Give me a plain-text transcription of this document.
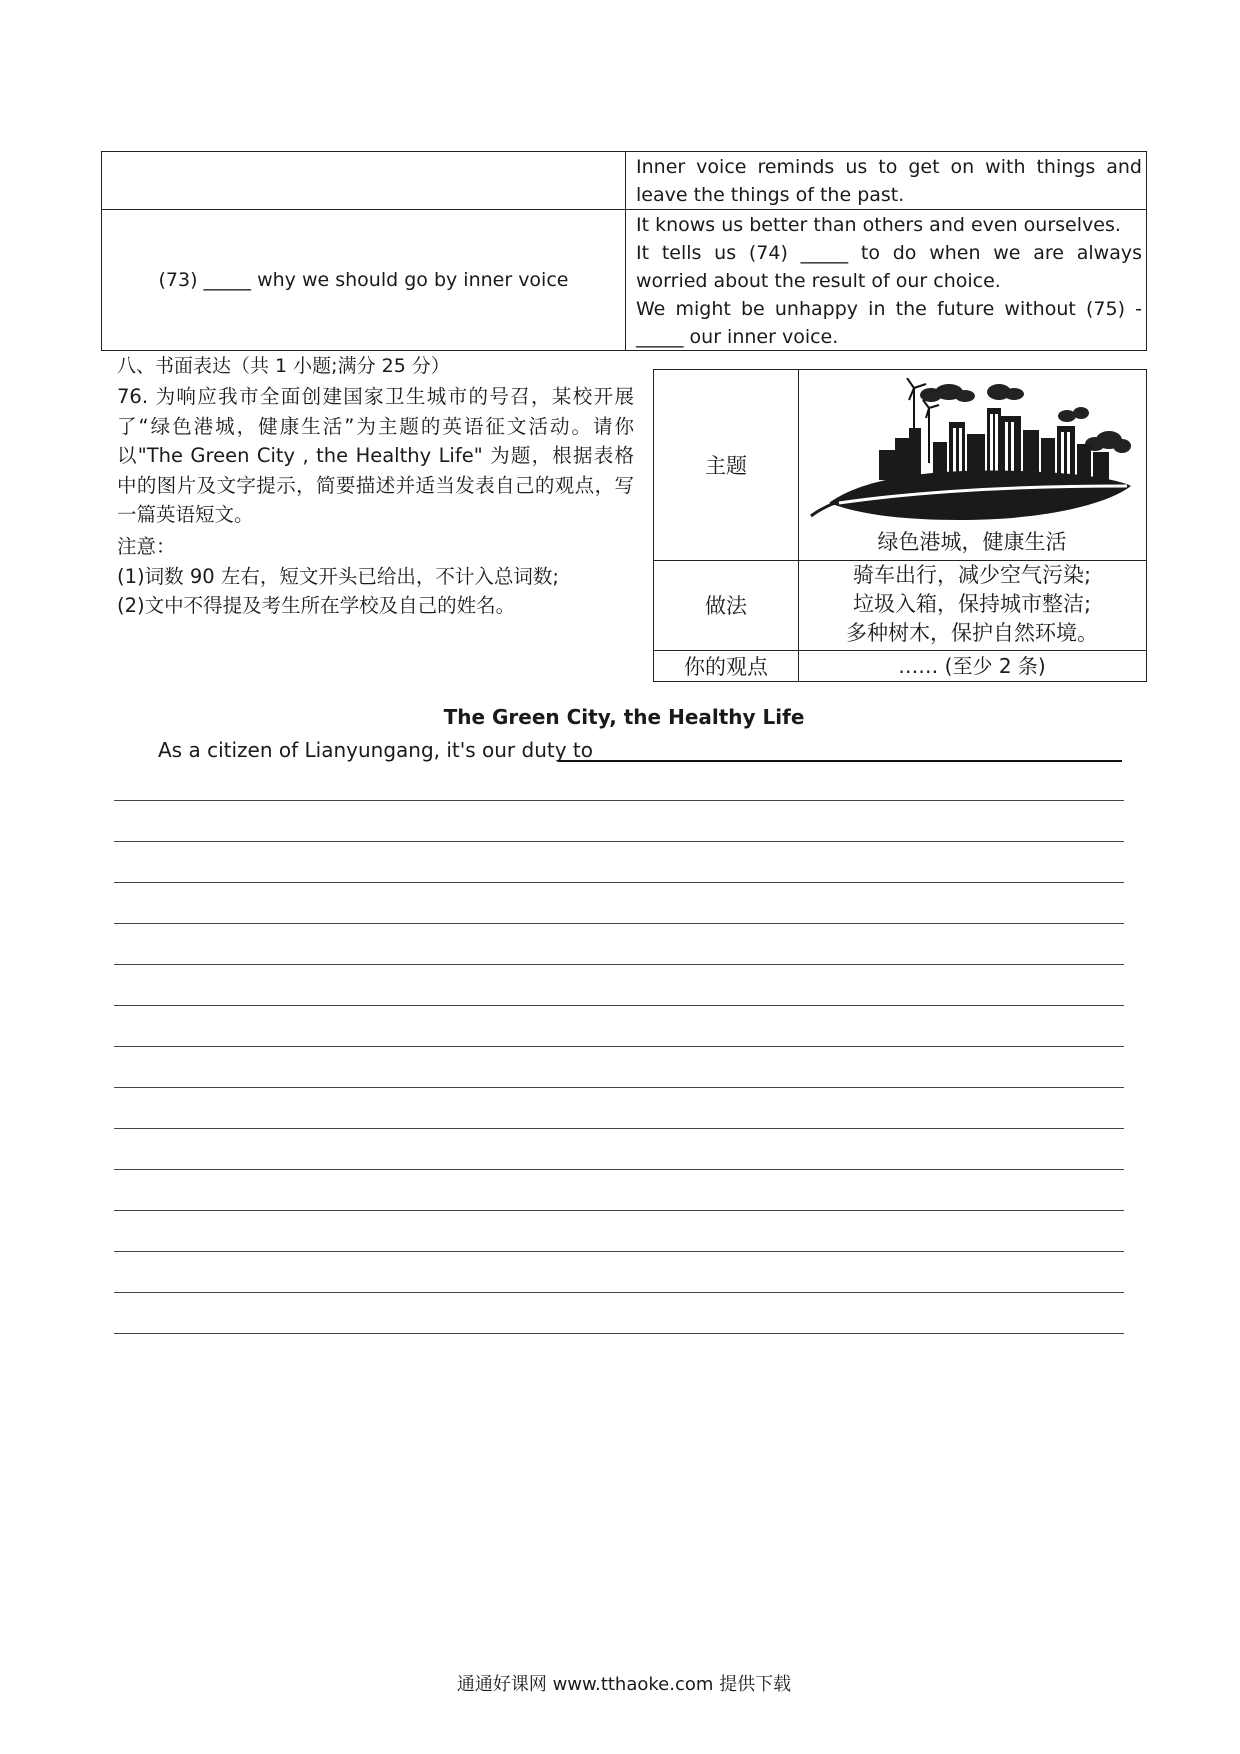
Inner voice reminds us to get on with things and leave the things of the past.
(73) _____ why we should go by inner voice

It knows us better than others and even ourselves.

It tells us (74) _____ to do when we are always worried about the result of our choice.

We might be unhappy in the future without (75) -_____ our inner voice.

八、书面表达（共 1 小题;满分 25 分）
76. 为响应我市全面创建国家卫生城市的号召，某校开展了“绿色港城，健康生活”为主题的英语征文活动。请你以"The Green City , the Healthy Life" 为题，根据表格中的图片及文字提示，简要描述并适当发表自己的观点，写一篇英语短文。
注意：
(1)词数 90 左右，短文开头已给出，不计入总词数;
(2)文中不得提及考生所在学校及自己的姓名。
主题
绿色港城，健康生活
做法
骑车出行，减少空气污染;
垃圾入箱，保持城市整洁;
多种树木，保护自然环境。
你的观点	…… (至少 2 条)
The Green City, the Healthy Life
As a citizen of Lianyungang, it's our duty to
通通好课网 www.tthaoke.com 提供下载
